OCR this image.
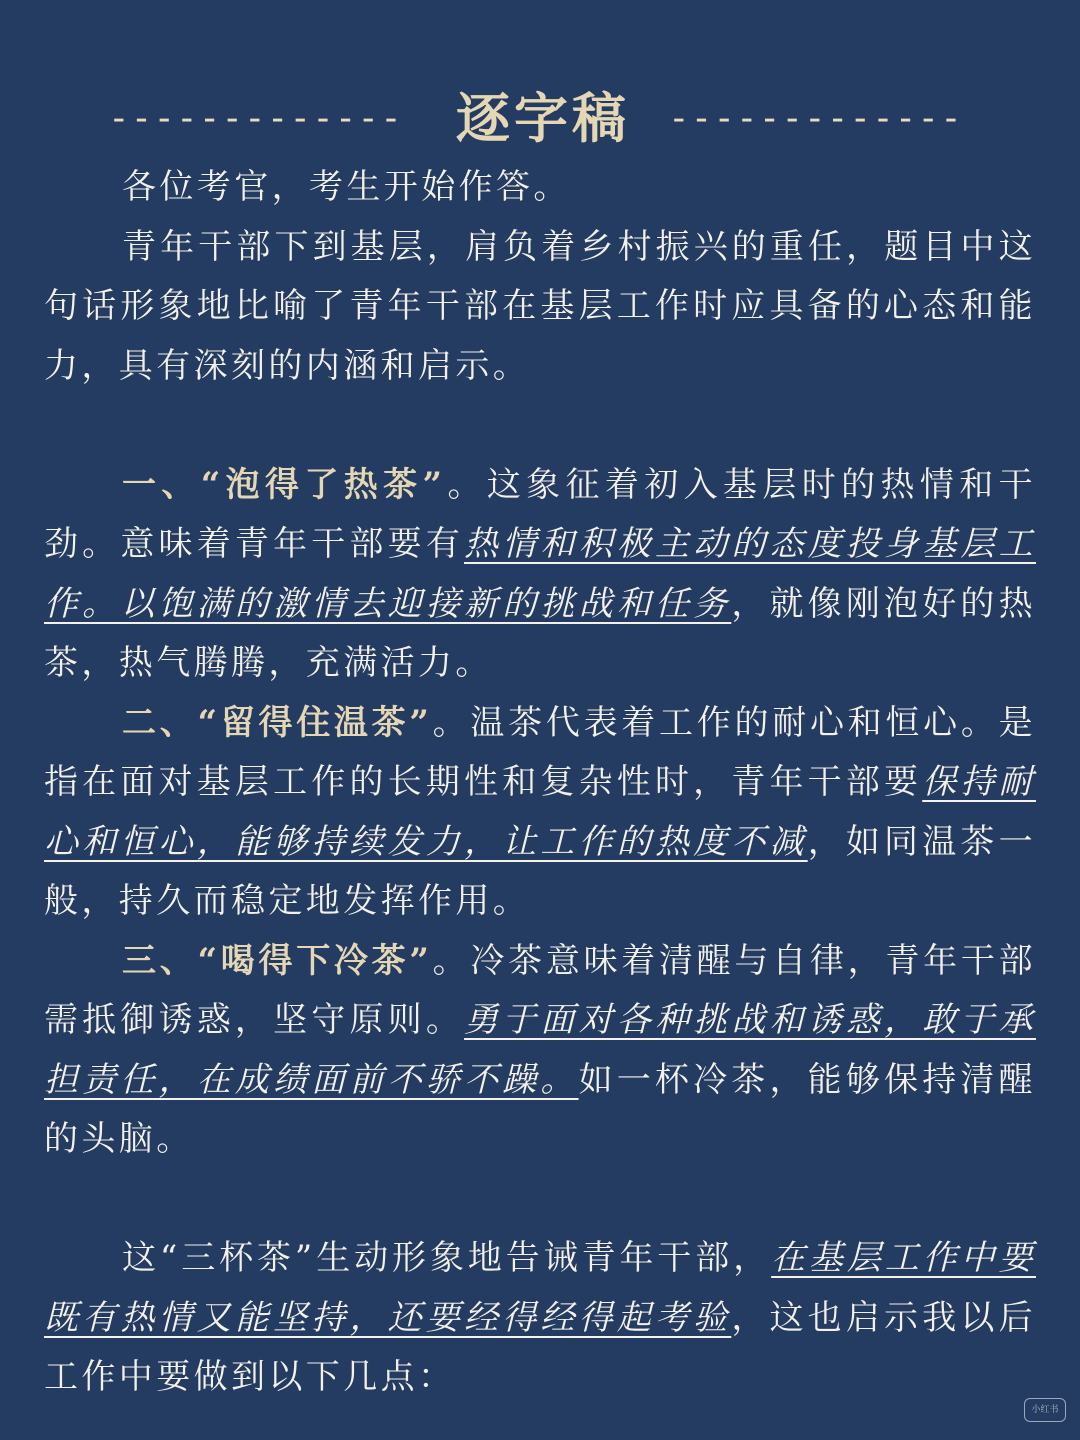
------------- 逐字稿 -------------

各位考官，考生开始作答。

青年干部下到基层，肩负着乡村振兴的重任，题目中这句话形象地比喻了青年干部在基层工作时应具备的心态和能力，具有深刻的内涵和启示。

一、“泡得了热茶”。这象征着初入基层时的热情和干劲。意味着青年干部要有热情和积极主动的态度投身基层工作。以饱满的激情去迎接新的挑战和任务，就像刚泡好的热茶，热气腾腾，充满活力。

二、“留得住温茶”。温茶代表着工作的耐心和恒心。是指在面对基层工作的长期性和复杂性时，青年干部要保持耐心和恒心，能够持续发力，让工作的热度不减，如同温茶一般，持久而稳定地发挥作用。

三、“喝得下冷茶”。冷茶意味着清醒与自律，青年干部需抵御诱惑，坚守原则。勇于面对各种挑战和诱惑，敢于承担责任，在成绩面前不骄不躁。如一杯冷茶，能够保持清醒的头脑。

这“三杯茶”生动形象地告诫青年干部，在基层工作中要既有热情又能坚持，还要经得经得起考验，这也启示我以后工作中要做到以下几点：

小红书
